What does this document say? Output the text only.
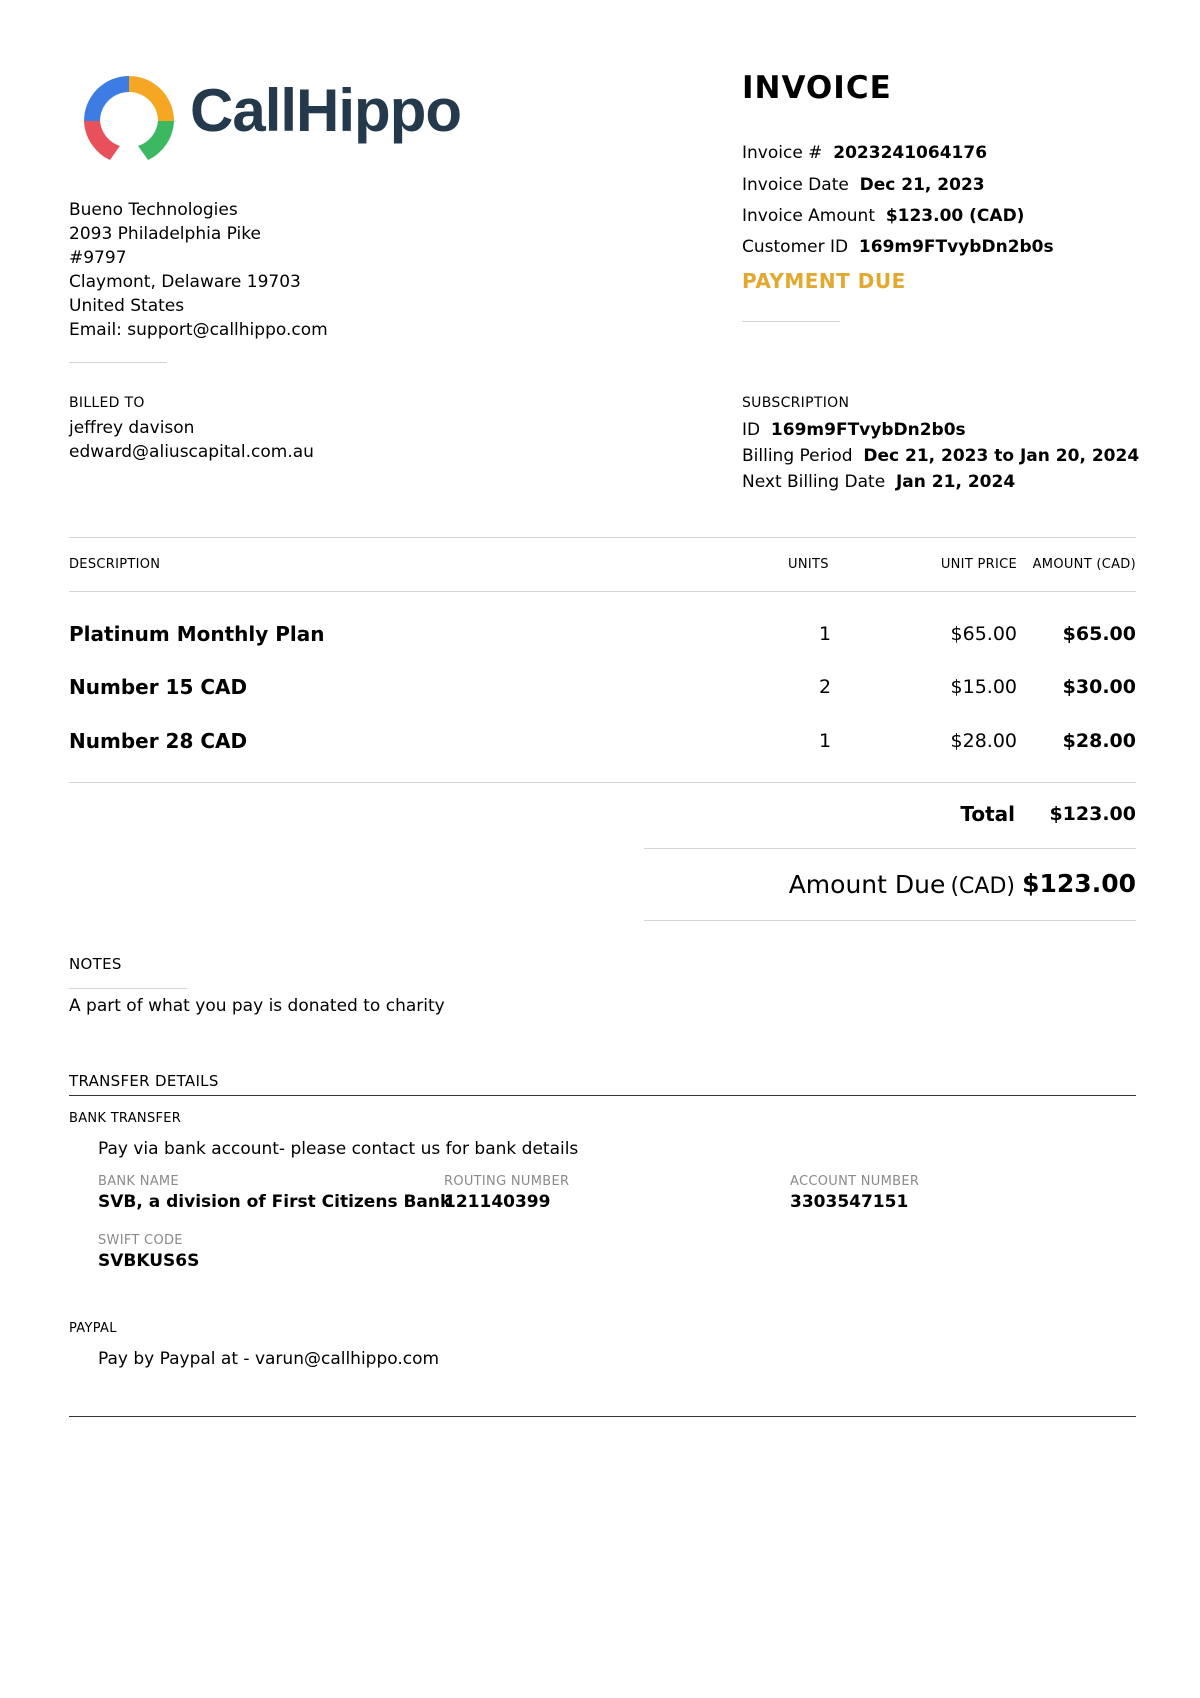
CallHippo
Bueno Technologies
2093 Philadelphia Pike
#9797
Claymont, Delaware 19703
United States
Email: support@callhippo.com
INVOICE
Invoice # 2023241064176
Invoice Date Dec 21, 2023
Invoice Amount $123.00 (CAD)
Customer ID 169m9FTvybDn2b0s
PAYMENT DUE
BILLED TO
jeffrey davison
edward@aliuscapital.com.au
SUBSCRIPTION
ID 169m9FTvybDn2b0s
Billing Period Dec 21, 2023 to Jan 20, 2024
Next Billing Date Jan 21, 2024
DESCRIPTION	UNITS	UNIT PRICE	AMOUNT (CAD)
Platinum Monthly Plan	1	$65.00	$65.00
Number 15 CAD	2	$15.00	$30.00
Number 28 CAD	1	$28.00	$28.00
Total	$123.00
Amount Due (CAD) $123.00
NOTES
A part of what you pay is donated to charity
TRANSFER DETAILS
BANK TRANSFER
Pay via bank account- please contact us for bank details
BANK NAME
SVB, a division of First Citizens Bank
ROUTING NUMBER
121140399
ACCOUNT NUMBER
3303547151
SWIFT CODE
SVBKUS6S
PAYPAL
Pay by Paypal at - varun@callhippo.com
